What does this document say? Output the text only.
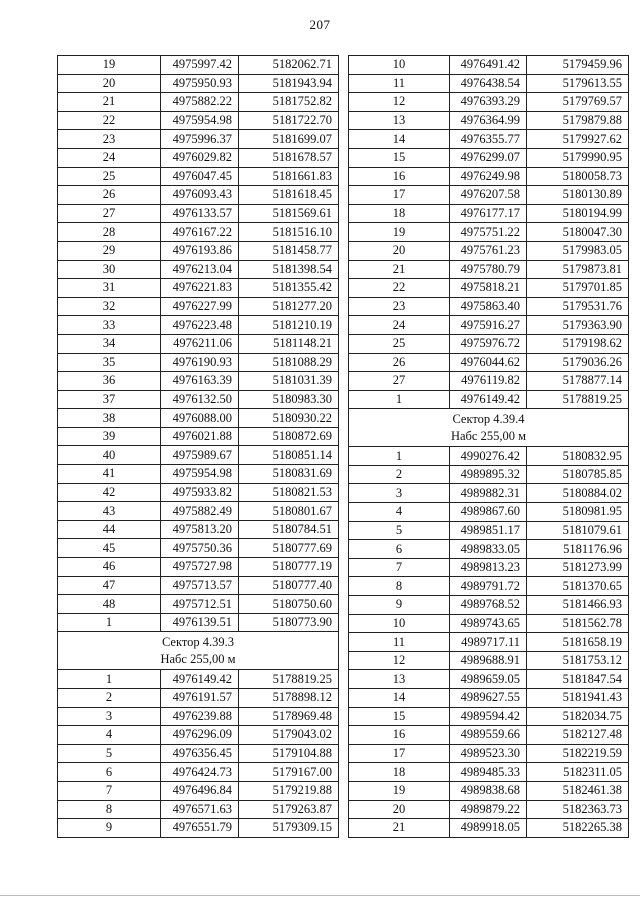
207
19	4975997.42	5182062.71
20	4975950.93	5181943.94
21	4975882.22	5181752.82
22	4975954.98	5181722.70
23	4975996.37	5181699.07
24	4976029.82	5181678.57
25	4976047.45	5181661.83
26	4976093.43	5181618.45
27	4976133.57	5181569.61
28	4976167.22	5181516.10
29	4976193.86	5181458.77
30	4976213.04	5181398.54
31	4976221.83	5181355.42
32	4976227.99	5181277.20
33	4976223.48	5181210.19
34	4976211.06	5181148.21
35	4976190.93	5181088.29
36	4976163.39	5181031.39
37	4976132.50	5180983.30
38	4976088.00	5180930.22
39	4976021.88	5180872.69
40	4975989.67	5180851.14
41	4975954.98	5180831.69
42	4975933.82	5180821.53
43	4975882.49	5180801.67
44	4975813.20	5180784.51
45	4975750.36	5180777.69
46	4975727.98	5180777.19
47	4975713.57	5180777.40
48	4975712.51	5180750.60
1	4976139.51	5180773.90

Сектор 4.39.3
Набс 255,00 м		

1	4976149.42	5178819.25
2	4976191.57	5178898.12
3	4976239.88	5178969.48
4	4976296.09	5179043.02
5	4976356.45	5179104.88
6	4976424.73	5179167.00
7	4976496.84	5179219.88
8	4976571.63	5179263.87
9	4976551.79	5179309.15
10	4976491.42	5179459.96
11	4976438.54	5179613.55
12	4976393.29	5179769.57
13	4976364.99	5179879.88
14	4976355.77	5179927.62
15	4976299.07	5179990.95
16	4976249.98	5180058.73
17	4976207.58	5180130.89
18	4976177.17	5180194.99
19	4975751.22	5180047.30
20	4975761.23	5179983.05
21	4975780.79	5179873.81
22	4975818.21	5179701.85
23	4975863.40	5179531.76
24	4975916.27	5179363.90
25	4975976.72	5179198.62
26	4976044.62	5179036.26
27	4976119.82	5178877.14
1	4976149.42	5178819.25

Сектор 4.39.4
Набс 255,00 м		

1	4990276.42	5180832.95
2	4989895.32	5180785.85
3	4989882.31	5180884.02
4	4989867.60	5180981.95
5	4989851.17	5181079.61
6	4989833.05	5181176.96
7	4989813.23	5181273.99
8	4989791.72	5181370.65
9	4989768.52	5181466.93
10	4989743.65	5181562.78
11	4989717.11	5181658.19
12	4989688.91	5181753.12
13	4989659.05	5181847.54
14	4989627.55	5181941.43
15	4989594.42	5182034.75
16	4989559.66	5182127.48
17	4989523.30	5182219.59
18	4989485.33	5182311.05
19	4989838.68	5182461.38
20	4989879.22	5182363.73
21	4989918.05	5182265.38
